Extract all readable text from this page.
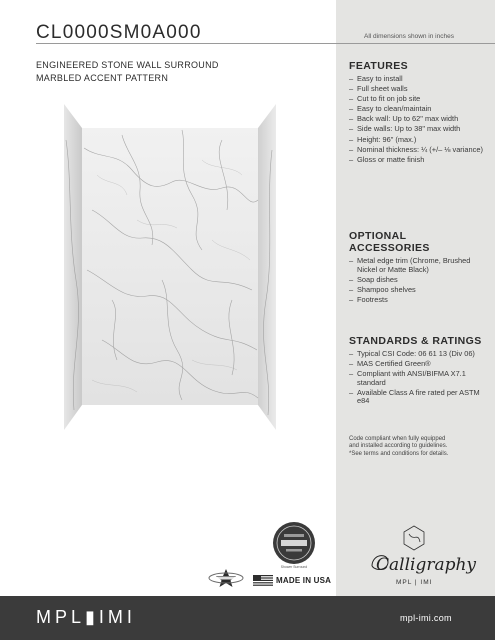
CL0000SM0A000	All dimensions shown in inches
ENGINEERED STONE WALL SURROUND
MARBLED ACCENT PATTERN
FEATURES
– Easy to install
– Full sheet walls
– Cut to fit on job site
– Easy to clean/maintain
– Back wall: Up to 62" max width
– Side walls: Up to 38" max width
– Height: 96" (max.)
– Nominal thickness: ¼ (+/– ⅛ variance)
– Gloss or matte finish
OPTIONAL
ACCESSORIES
– Metal edge trim (Chrome, Brushed Nickel or Matte Black)
– Soap dishes
– Shampoo shelves
– Footrests
STANDARDS & RATINGS
– Typical CSI Code: 06 61 13 (Div 06)
– MAS Certified Green®
– Compliant with ANSI/BIFMA X7.1 standard
– Available Class A fire rated per ASTM e84
Code compliant when fully equipped
and installed according to guidelines.
*See terms and conditions for details.
Shower Surround
MADE IN USA
Calligraphy
MPL | IMI
MPL▮IMI	mpl-imi.com
